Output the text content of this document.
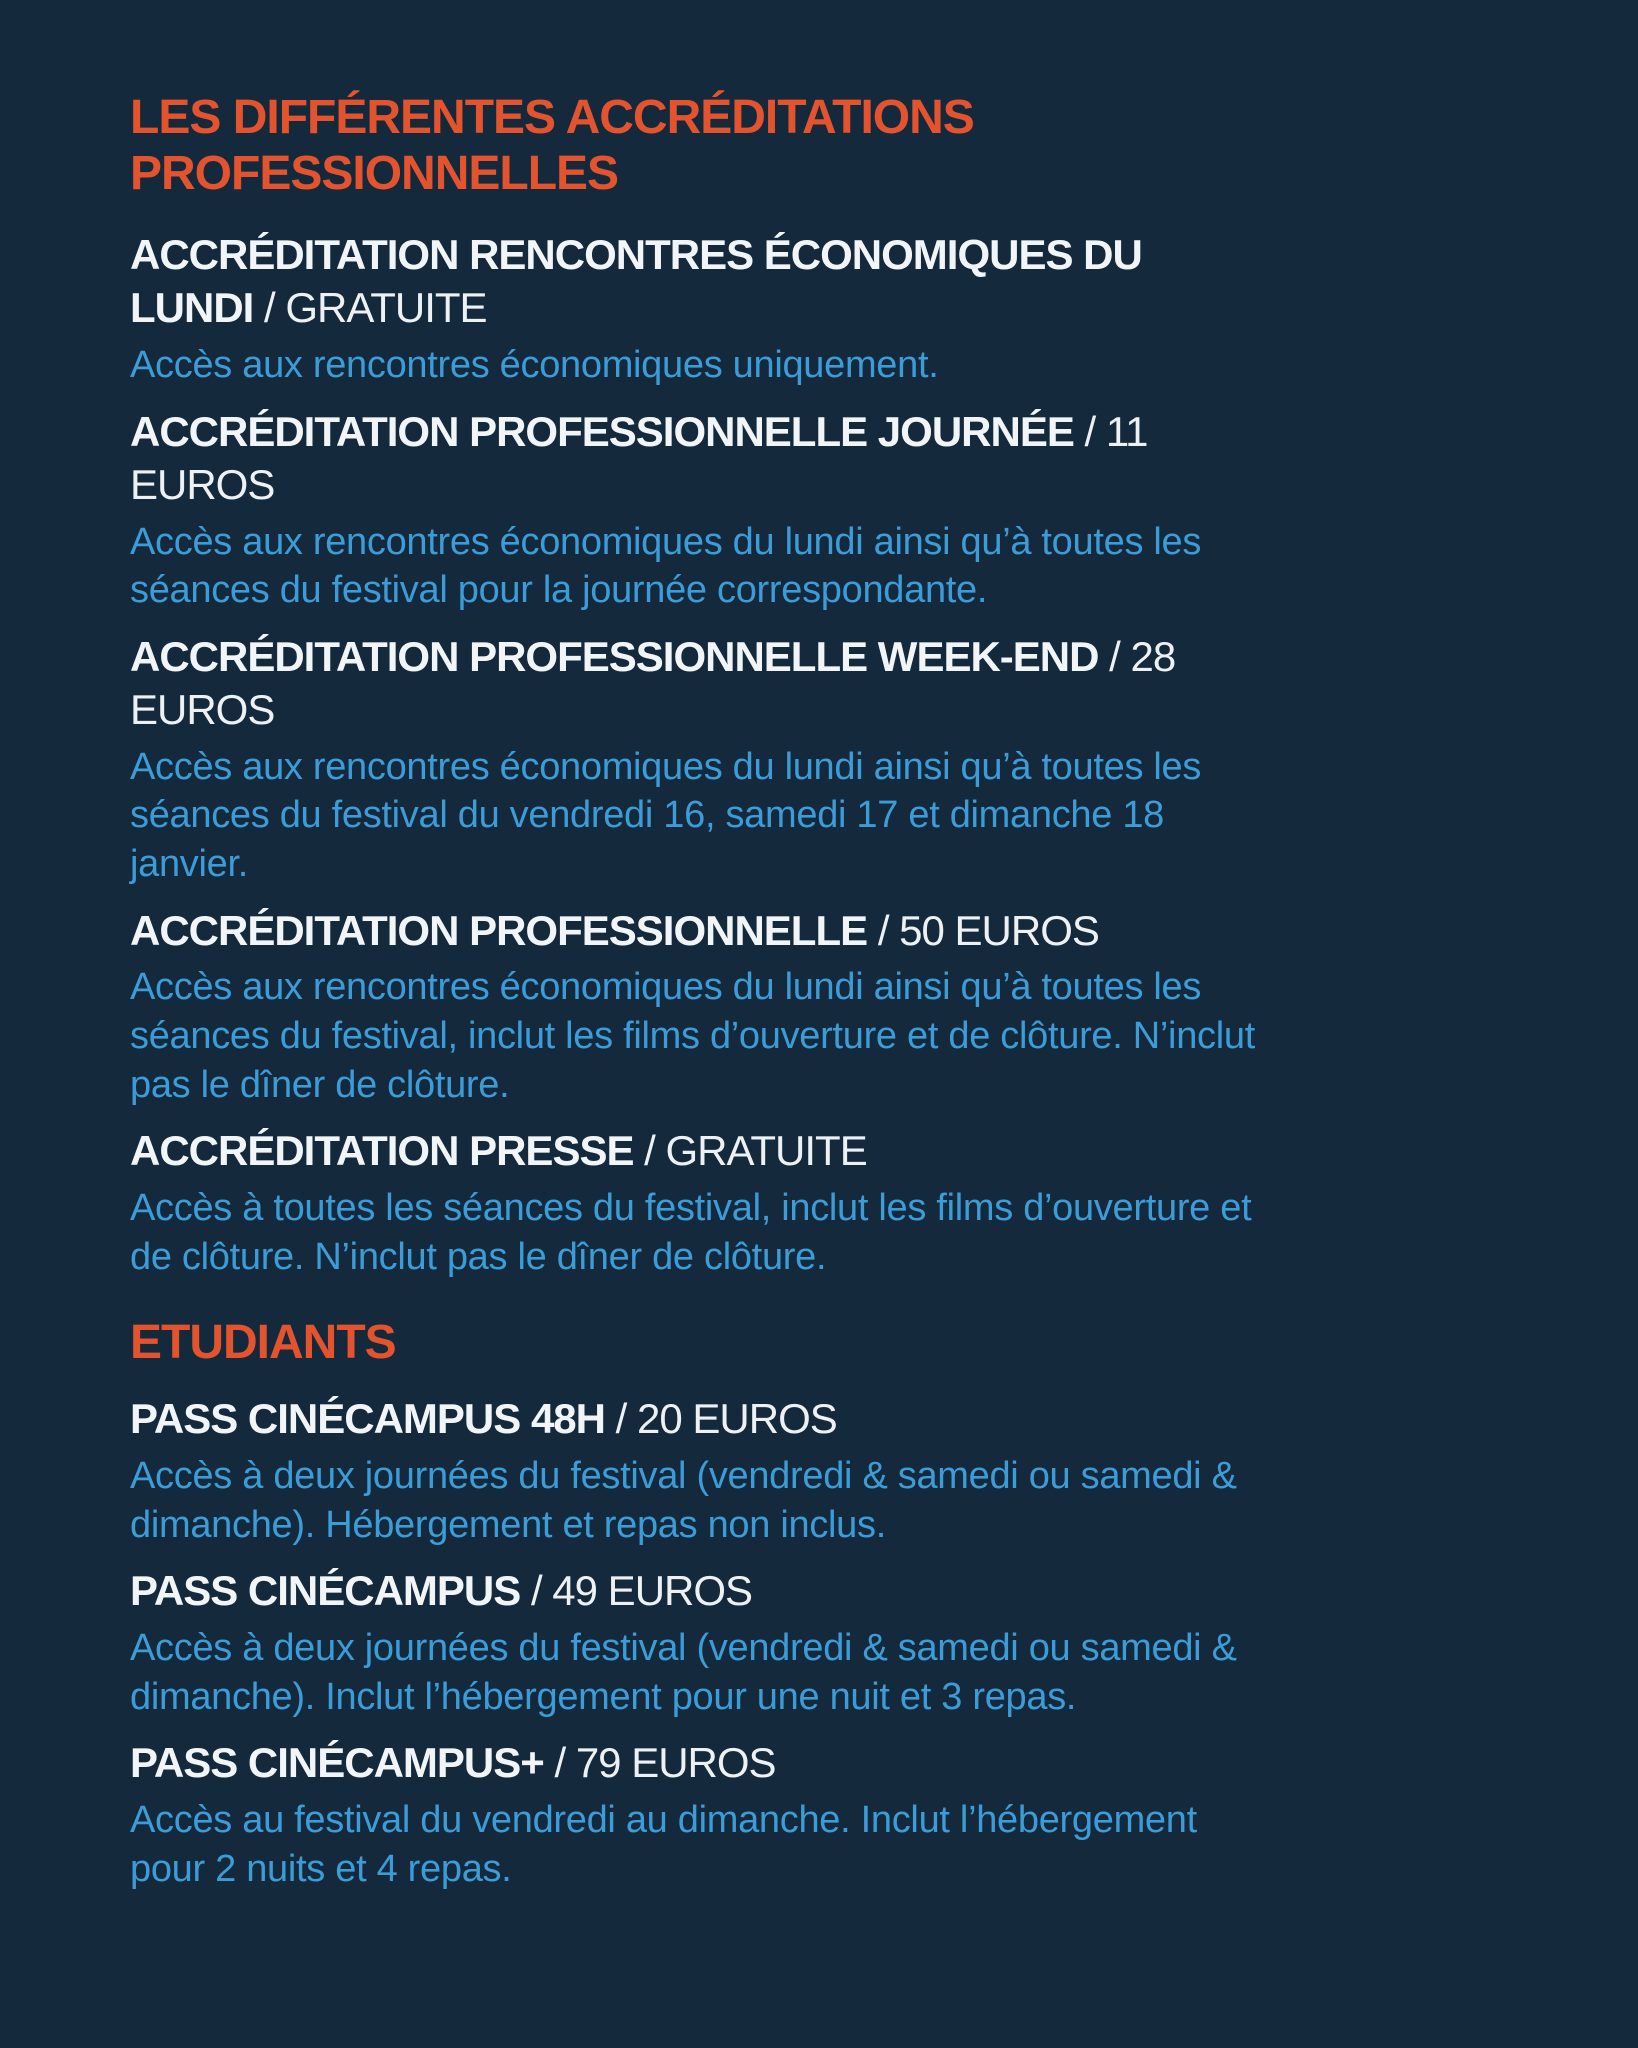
LES DIFFÉRENTES ACCRÉDITATIONS PROFESSIONNELLES
ACCRÉDITATION RENCONTRES ÉCONOMIQUES DU LUNDI / GRATUITE

Accès aux rencontres économiques uniquement.

ACCRÉDITATION PROFESSIONNELLE JOURNÉE / 11 EUROS

Accès aux rencontres économiques du lundi ainsi qu’à toutes les séances du festival pour la journée correspondante.

ACCRÉDITATION PROFESSIONNELLE WEEK-END / 28 EUROS

Accès aux rencontres économiques du lundi ainsi qu’à toutes les séances du festival du vendredi 16, samedi 17 et dimanche 18 janvier.

ACCRÉDITATION PROFESSIONNELLE / 50 EUROS

Accès aux rencontres économiques du lundi ainsi qu’à toutes les séances du festival, inclut les films d’ouverture et de clôture. N’inclut pas le dîner de clôture.

ACCRÉDITATION PRESSE / GRATUITE

Accès à toutes les séances du festival, inclut les films d’ouverture et de clôture. N’inclut pas le dîner de clôture.

ETUDIANTS
PASS CINÉCAMPUS 48H / 20 EUROS

Accès à deux journées du festival (vendredi & samedi ou samedi & dimanche). Hébergement et repas non inclus.

PASS CINÉCAMPUS / 49 EUROS

Accès à deux journées du festival (vendredi & samedi ou samedi & dimanche). Inclut l’hébergement pour une nuit et 3 repas.

PASS CINÉCAMPUS+ / 79 EUROS

Accès au festival du vendredi au dimanche. Inclut l’hébergement pour 2 nuits et 4 repas.
